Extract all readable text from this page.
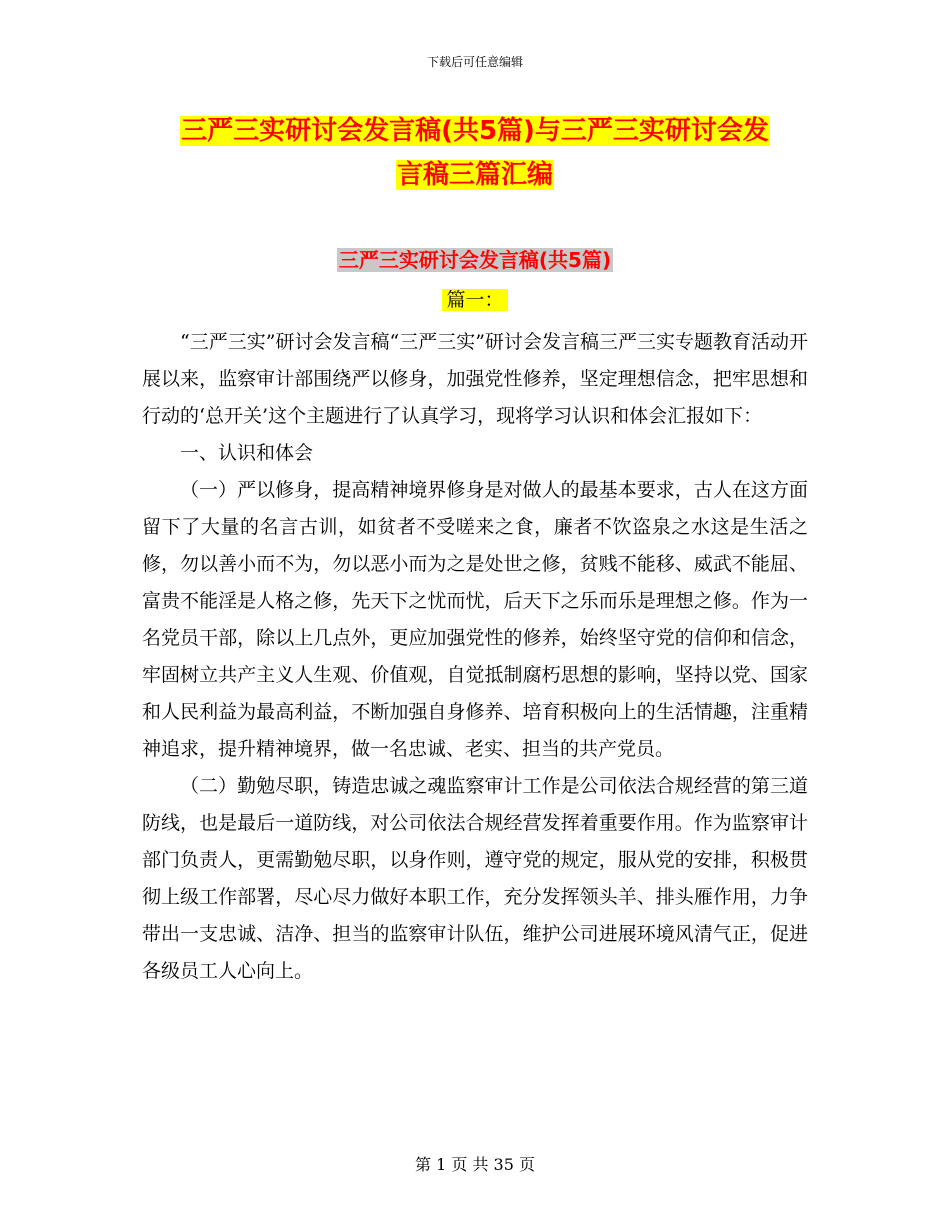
下载后可任意编辑
三严三实研讨会发言稿(共5篇)与三严三实研讨会发
言稿三篇汇编
三严三实研讨会发言稿(共5篇)
篇一：

“三严三实”研讨会发言稿“三严三实”研讨会发言稿三严三实专题教育活动开展以来，监察审计部围绕严以修身，加强党性修养，坚定理想信念，把牢思想和行动的‘总开关’这个主题进行了认真学习，现将学习认识和体会汇报如下：

一、认识和体会

（一）严以修身，提高精神境界修身是对做人的最基本要求，古人在这方面留下了大量的名言古训，如贫者不受嗟来之食，廉者不饮盗泉之水这是生活之修，勿以善小而不为，勿以恶小而为之是处世之修，贫贱不能移、威武不能屈、富贵不能淫是人格之修，先天下之忧而忧，后天下之乐而乐是理想之修。作为一名党员干部，除以上几点外，更应加强党性的修养，始终坚守党的信仰和信念，牢固树立共产主义人生观、价值观，自觉抵制腐朽思想的影响，坚持以党、国家和人民利益为最高利益，不断加强自身修养、培育积极向上的生活情趣，注重精神追求，提升精神境界，做一名忠诚、老实、担当的共产党员。

（二）勤勉尽职，铸造忠诚之魂监察审计工作是公司依法合规经营的第三道防线，也是最后一道防线，对公司依法合规经营发挥着重要作用。作为监察审计部门负责人，更需勤勉尽职，以身作则，遵守党的规定，服从党的安排，积极贯彻上级工作部署，尽心尽力做好本职工作，充分发挥领头羊、排头雁作用，力争带出一支忠诚、洁净、担当的监察审计队伍，维护公司进展环境风清气正，促进各级员工人心向上。

第 1 页 共 35 页
